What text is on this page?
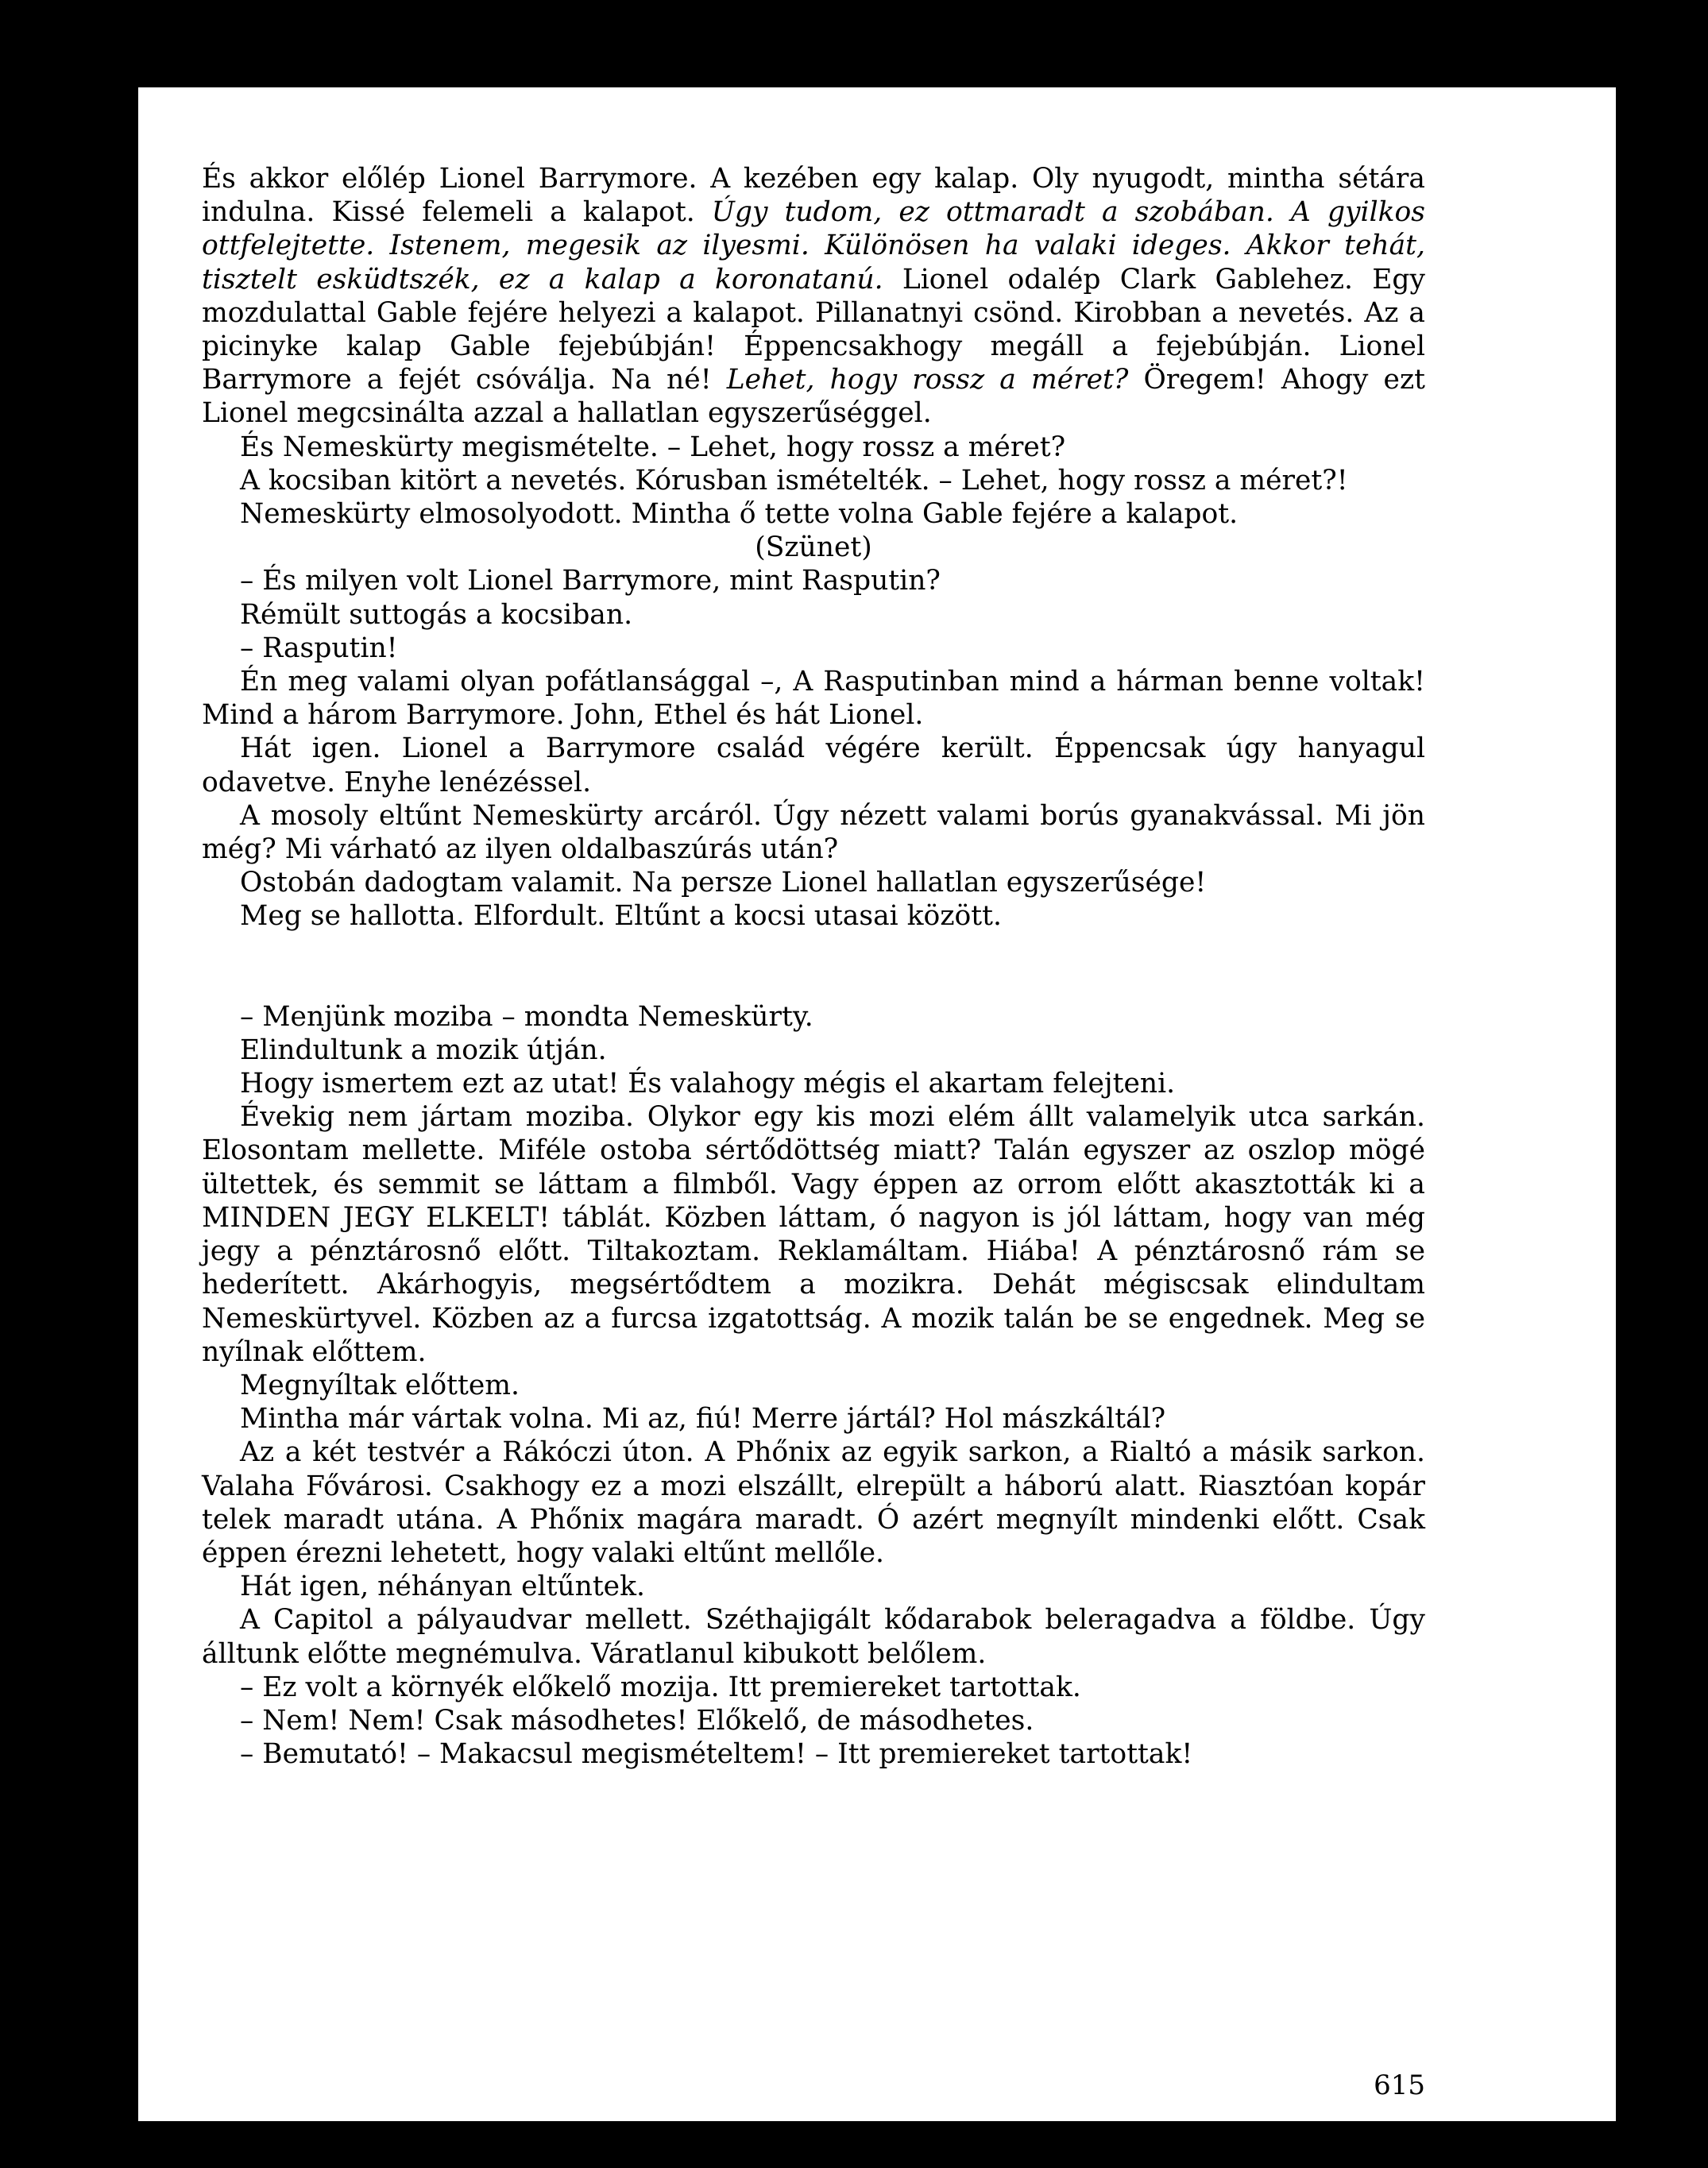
És akkor előlép Lionel Barrymore. A kezében egy kalap. Oly nyugodt, mintha sétára indulna. Kissé felemeli a kalapot. Úgy tudom, ez ottmaradt a szobában. A gyilkos ottfelejtette. Istenem, megesik az ilyesmi. Különösen ha valaki ideges. Akkor tehát, tisztelt esküdtszék, ez a kalap a koronatanú. Lionel odalép Clark Gablehez. Egy mozdulattal Gable fejére helyezi a kalapot. Pillanatnyi csönd. Kirobban a nevetés. Az a picinyke kalap Gable fejebúbján! Éppencsakhogy megáll a fejebúbján. Lionel Barrymore a fejét csóválja. Na né! Lehet, hogy rossz a méret? Öregem! Ahogy ezt Lionel megcsinálta azzal a hallatlan egyszerűséggel.

És Nemeskürty megismételte. – Lehet, hogy rossz a méret?

A kocsiban kitört a nevetés. Kórusban ismételték. – Lehet, hogy rossz a méret?!

Nemeskürty elmosolyodott. Mintha ő tette volna Gable fejére a kalapot.

(Szünet)

– És milyen volt Lionel Barrymore, mint Rasputin?

Rémült suttogás a kocsiban.

– Rasputin!

Én meg valami olyan pofátlansággal –, A Rasputinban mind a hárman benne voltak! Mind a három Barrymore. John, Ethel és hát Lionel.

Hát igen. Lionel a Barrymore család végére került. Éppencsak úgy hanyagul odavetve. Enyhe lenézéssel.

A mosoly eltűnt Nemeskürty arcáról. Úgy nézett valami borús gyanakvással. Mi jön még? Mi várható az ilyen oldalbaszúrás után?

Ostobán dadogtam valamit. Na persze Lionel hallatlan egyszerűsége!

Meg se hallotta. Elfordult. Eltűnt a kocsi utasai között.

– Menjünk moziba – mondta Nemeskürty.

Elindultunk a mozik útján.

Hogy ismertem ezt az utat! És valahogy mégis el akartam felejteni.

Évekig nem jártam moziba. Olykor egy kis mozi elém állt valamelyik utca sarkán. Elosontam mellette. Miféle ostoba sértődöttség miatt? Talán egyszer az oszlop mögé ültettek, és semmit se láttam a filmből. Vagy éppen az orrom előtt akasztották ki a MINDEN JEGY ELKELT! táblát. Közben láttam, ó nagyon is jól láttam, hogy van még jegy a pénztárosnő előtt. Tiltakoztam. Reklamáltam. Hiába! A pénztárosnő rám se hederített. Akárhogyis, megsértődtem a mozikra. Dehát mégiscsak elindultam Nemeskürtyvel. Közben az a furcsa izgatottság. A mozik talán be se engednek. Meg se nyílnak előttem.

Megnyíltak előttem.

Mintha már vártak volna. Mi az, fiú! Merre jártál? Hol mászkáltál?

Az a két testvér a Rákóczi úton. A Phőnix az egyik sarkon, a Rialtó a másik sarkon. Valaha Fővárosi. Csakhogy ez a mozi elszállt, elrepült a háború alatt. Riasztóan kopár telek maradt utána. A Phőnix magára maradt. Ó azért megnyílt mindenki előtt. Csak éppen érezni lehetett, hogy valaki eltűnt mellőle.

Hát igen, néhányan eltűntek.

A Capitol a pályaudvar mellett. Széthajigált kődarabok beleragadva a földbe. Úgy álltunk előtte megnémulva. Váratlanul kibukott belőlem.

– Ez volt a környék előkelő mozija. Itt premiereket tartottak.

– Nem! Nem! Csak másodhetes! Előkelő, de másodhetes.

– Bemutató! – Makacsul megismételtem! – Itt premiereket tartottak!

615
